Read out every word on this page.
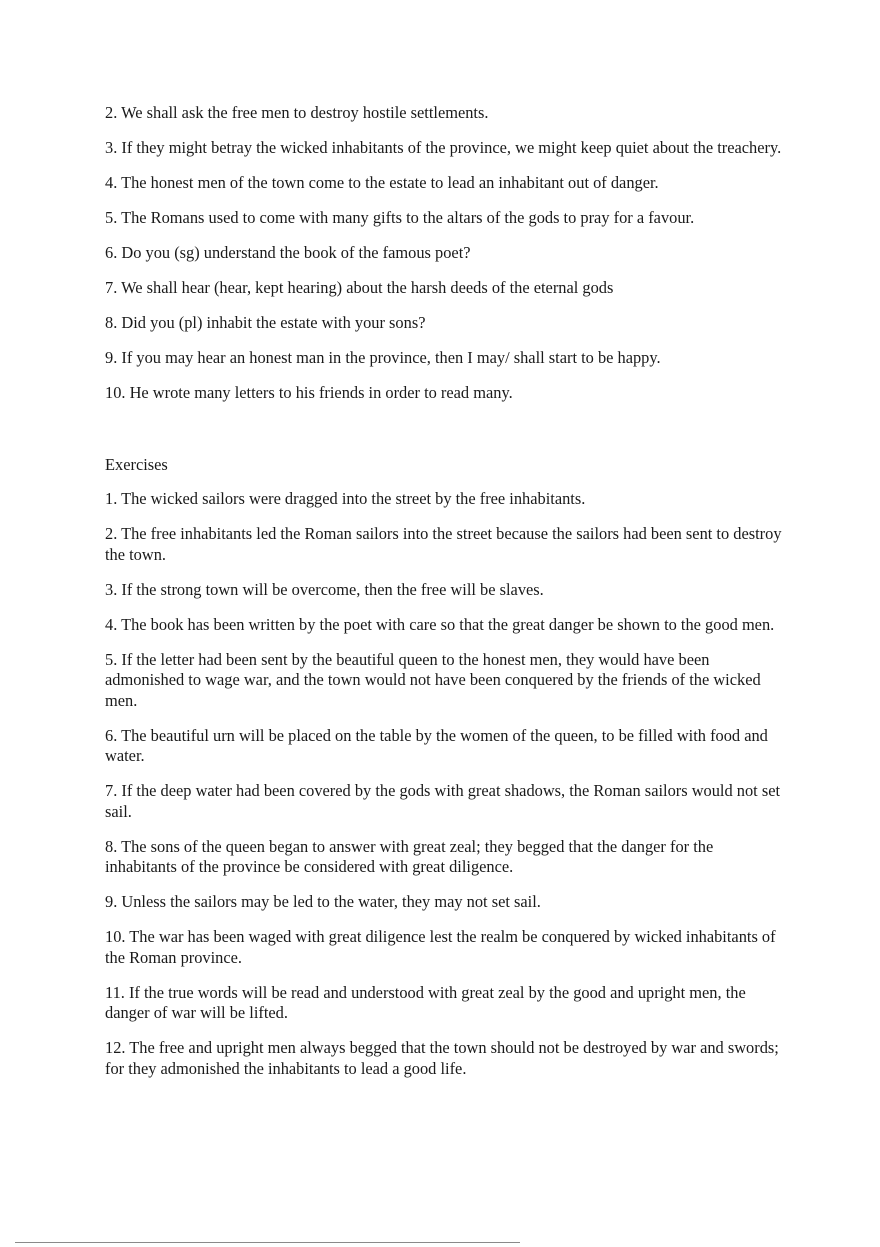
2. We shall ask the free men to destroy hostile settlements.

3. If they might betray the wicked inhabitants of the province, we might keep quiet about the treachery.

4. The honest men of the town come to the estate to lead an inhabitant out of danger.

5. The Romans used to come with many gifts to the altars of the gods to pray for a favour.

6. Do you (sg) understand the book of the famous poet?

7. We shall hear (hear, kept hearing) about the harsh deeds of the eternal gods

8. Did you (pl) inhabit the estate with your sons?

9. If you may hear an honest man in the province, then I may/ shall start to be happy.

10. He wrote many letters to his friends in order to read many.

Exercises

1. The wicked sailors were dragged into the street by the free inhabitants.

2. The free inhabitants led the Roman sailors into the street because the sailors had been sent to destroy the town.

3. If the strong town will be overcome, then the free will be slaves.

4. The book has been written by the poet with care so that the great danger be shown to the good men.

5. If the letter had been sent by the beautiful queen to the honest men, they would have been admonished to wage war, and the town would not have been conquered by the friends of the wicked men.

6. The beautiful urn will be placed on the table by the women of the queen, to be filled with food and water.

7. If the deep water had been covered by the gods with great shadows, the Roman sailors would not set sail.

8. The sons of the queen began to answer with great zeal; they begged that the danger for the inhabitants of the province be considered with great diligence.

9. Unless the sailors may be led to the water, they may not set sail.

10. The war has been waged with great diligence lest the realm be conquered by wicked inhabitants of the Roman province.

11. If the true words will be read and understood with great zeal by the good and upright men, the danger of war will be lifted.

12. The free and upright men always begged that the town should not be destroyed by war and swords; for they admonished the inhabitants to lead a good life.
